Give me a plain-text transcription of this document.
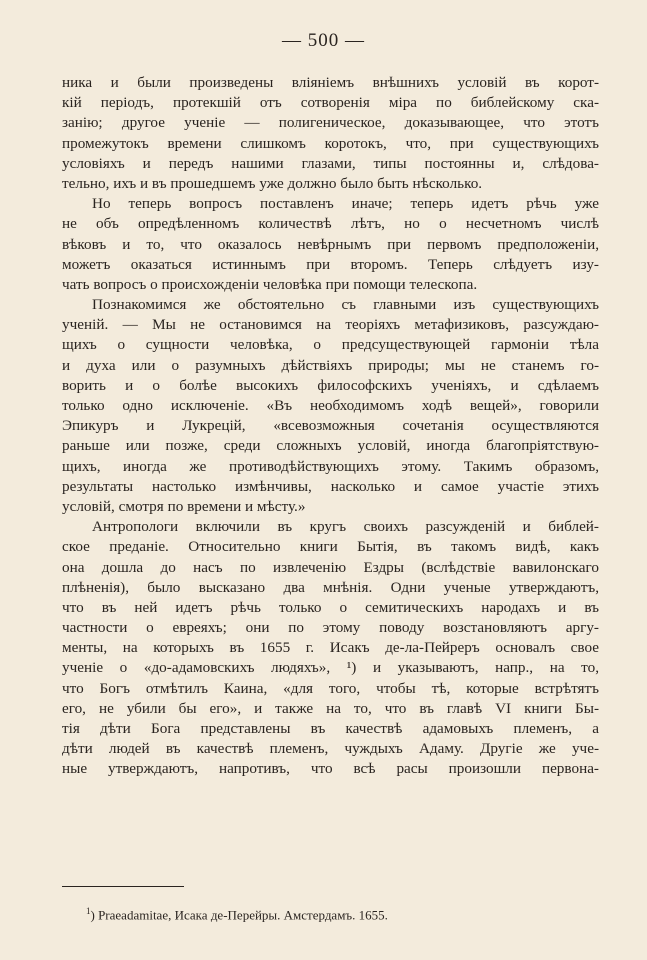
— 500 —

ника и были произведены вліяніемъ внѣшнихъ условій въ корот-
кій періодъ, протекшій отъ сотворенія міра по библейскому ска-
занію; другое ученіе — полигеническое, доказывающее, что этотъ
промежутокъ времени слишкомъ коротокъ, что, при существующихъ
условіяхъ и передъ нашими глазами, типы постоянны и, слѣдова-
тельно, ихъ и въ прошедшемъ уже должно было быть нѣсколько.

Но теперь вопросъ поставленъ иначе; теперь идетъ рѣчь уже
не объ опредѣленномъ количествѣ лѣтъ, но о несчетномъ числѣ
вѣковъ и то, что оказалось невѣрнымъ при первомъ предположеніи,
можетъ оказаться истиннымъ при второмъ. Теперь слѣдуетъ изу-
чать вопросъ о происхожденіи человѣка при помощи телескопа.

Познакомимся же обстоятельно съ главными изъ существующихъ
ученій. — Мы не остановимся на теоріяхъ метафизиковъ, разсуждаю-
щихъ о сущности человѣка, о предсуществующей гармоніи тѣла
и духа или о разумныхъ дѣйствіяхъ природы; мы не станемъ го-
ворить и о болѣе высокихъ философскихъ ученіяхъ, и сдѣлаемъ
только одно исключеніе. «Въ необходимомъ ходѣ вещей», говорили
Эпикуръ и Лукрецій, «всевозможныя сочетанія осуществляются
раньше или позже, среди сложныхъ условій, иногда благопріятствую-
щихъ, иногда же противодѣйствующихъ этому. Такимъ образомъ,
результаты настолько измѣнчивы, насколько и самое участіе этихъ
условій, смотря по времени и мѣсту.»

Антропологи включили въ кругъ своихъ разсужденій и библей-
ское преданіе. Относительно книги Бытія, въ такомъ видѣ, какъ
она дошла до насъ по извлеченію Ездры (вслѣдствіе вавилонскаго
плѣненія), было высказано два мнѣнія. Одни ученые утверждаютъ,
что въ ней идетъ рѣчь только о семитическихъ народахъ и въ
частности о евреяхъ; они по этому поводу возстановляютъ аргу-
менты, на которыхъ въ 1655 г. Исакъ де-ла-Пейреръ основалъ свое
ученіе о «до-адамовскихъ людяхъ», ¹) и указываютъ, напр., на то,
что Богъ отмѣтилъ Каина, «для того, чтобы тѣ, которые встрѣтятъ
его, не убили бы его», и также на то, что въ главѣ VI книги Бы-
тія дѣти Бога представлены въ качествѣ адамовыхъ племенъ, а
дѣти людей въ качествѣ племенъ, чуждыхъ Адаму. Другіе же уче-
ные утверждаютъ, напротивъ, что всѣ расы произошли первона-

$^1$) Praeadamitae, Исака де-Перейры. Амстердамъ. 1655.
